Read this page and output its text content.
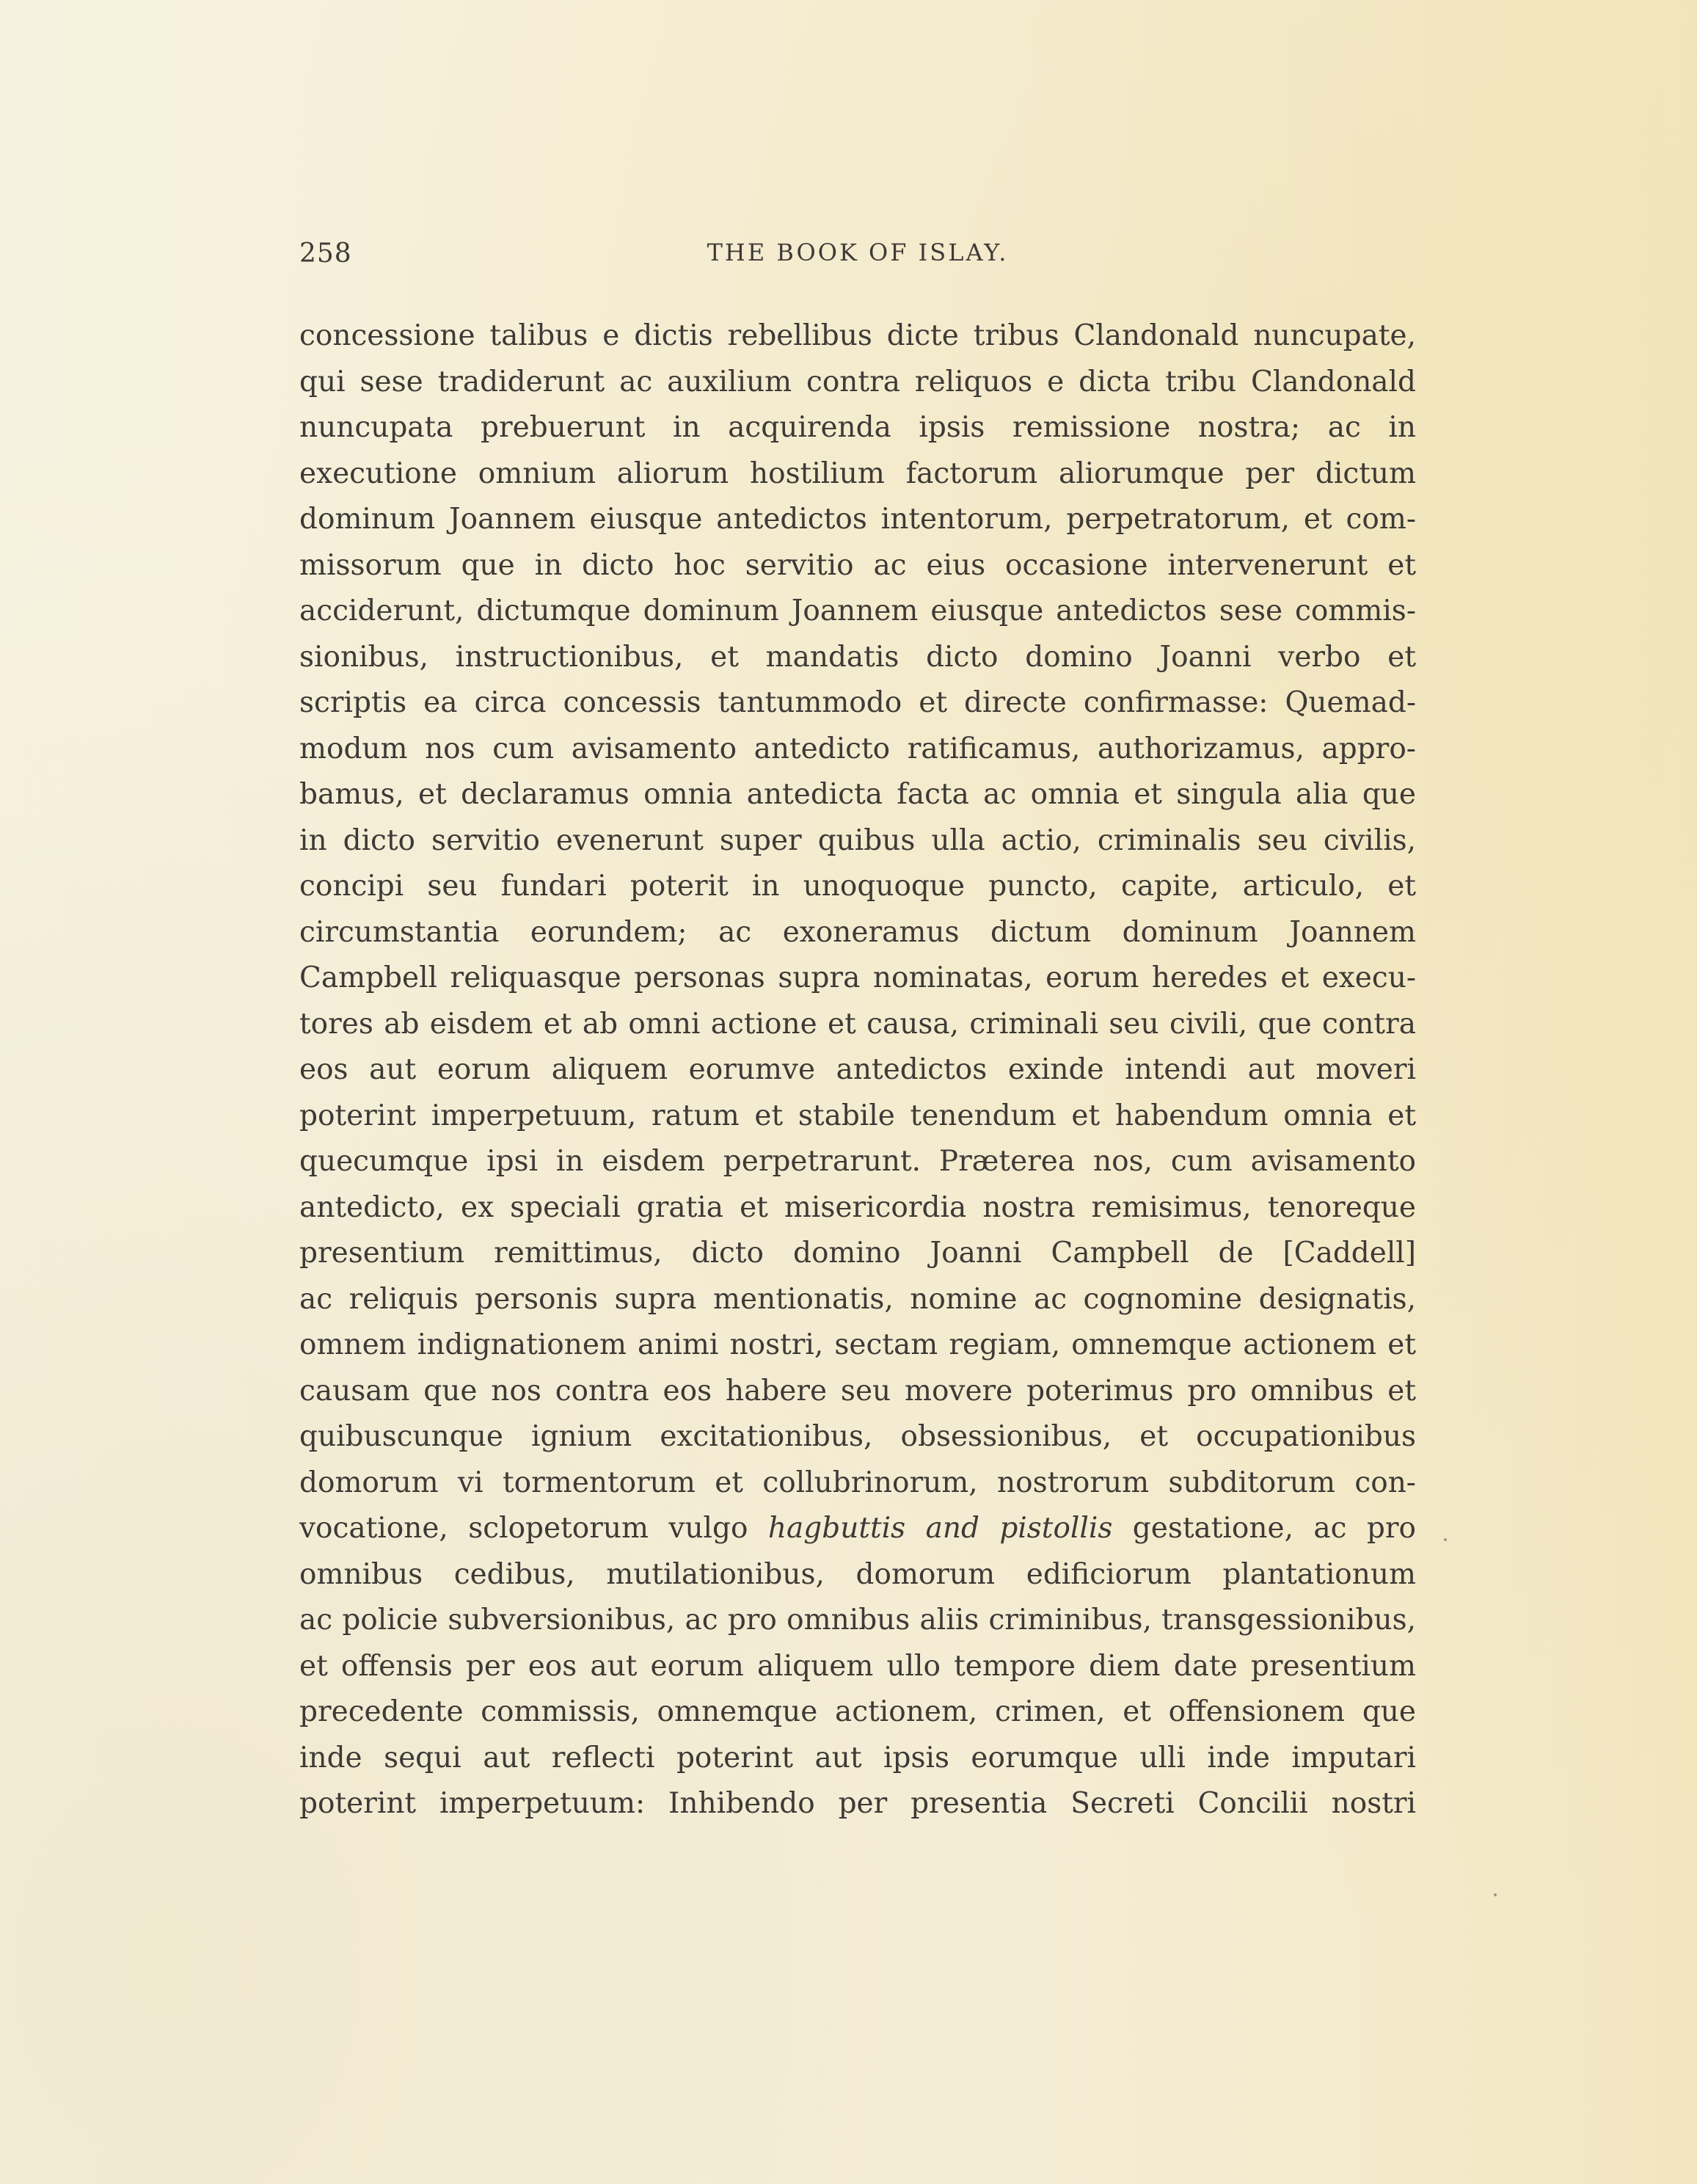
258	THE BOOK OF ISLAY.
concessione talibus e dictis rebellibus dicte tribus Clandonald nuncupate,
qui sese tradiderunt ac auxilium contra reliquos e dicta tribu Clandonald
nuncupata prebuerunt in acquirenda ipsis remissione nostra; ac in
executione omnium aliorum hostilium factorum aliorumque per dictum
dominum Joannem eiusque antedictos intentorum, perpetratorum, et com-
missorum que in dicto hoc servitio ac eius occasione intervenerunt et
acciderunt, dictumque dominum Joannem eiusque antedictos sese commis-
sionibus, instructionibus, et mandatis dicto domino Joanni verbo et
scriptis ea circa concessis tantummodo et directe confirmasse: Quemad-
modum nos cum avisamento antedicto ratificamus, authorizamus, appro-
bamus, et declaramus omnia antedicta facta ac omnia et singula alia que
in dicto servitio evenerunt super quibus ulla actio, criminalis seu civilis,
concipi seu fundari poterit in unoquoque puncto, capite, articulo, et
circumstantia eorundem; ac exoneramus dictum dominum Joannem
Campbell reliquasque personas supra nominatas, eorum heredes et execu-
tores ab eisdem et ab omni actione et causa, criminali seu civili, que contra
eos aut eorum aliquem eorumve antedictos exinde intendi aut moveri
poterint imperpetuum, ratum et stabile tenendum et habendum omnia et
quecumque ipsi in eisdem perpetrarunt. Præterea nos, cum avisamento
antedicto, ex speciali gratia et misericordia nostra remisimus, tenoreque
presentium remittimus, dicto domino Joanni Campbell de [Caddell]
ac reliquis personis supra mentionatis, nomine ac cognomine designatis,
omnem indignationem animi nostri, sectam regiam, omnemque actionem et
causam que nos contra eos habere seu movere poterimus pro omnibus et
quibuscunque ignium excitationibus, obsessionibus, et occupationibus
domorum vi tormentorum et collubrinorum, nostrorum subditorum con-
vocatione, sclopetorum vulgo hagbuttis and pistollis gestatione, ac pro
omnibus cedibus, mutilationibus, domorum edificiorum plantationum
ac policie subversionibus, ac pro omnibus aliis criminibus, transgessionibus,
et offensis per eos aut eorum aliquem ullo tempore diem date presentium
precedente commissis, omnemque actionem, crimen, et offensionem que
inde sequi aut reflecti poterint aut ipsis eorumque ulli inde imputari
poterint imperpetuum: Inhibendo per presentia Secreti Concilii nostri
